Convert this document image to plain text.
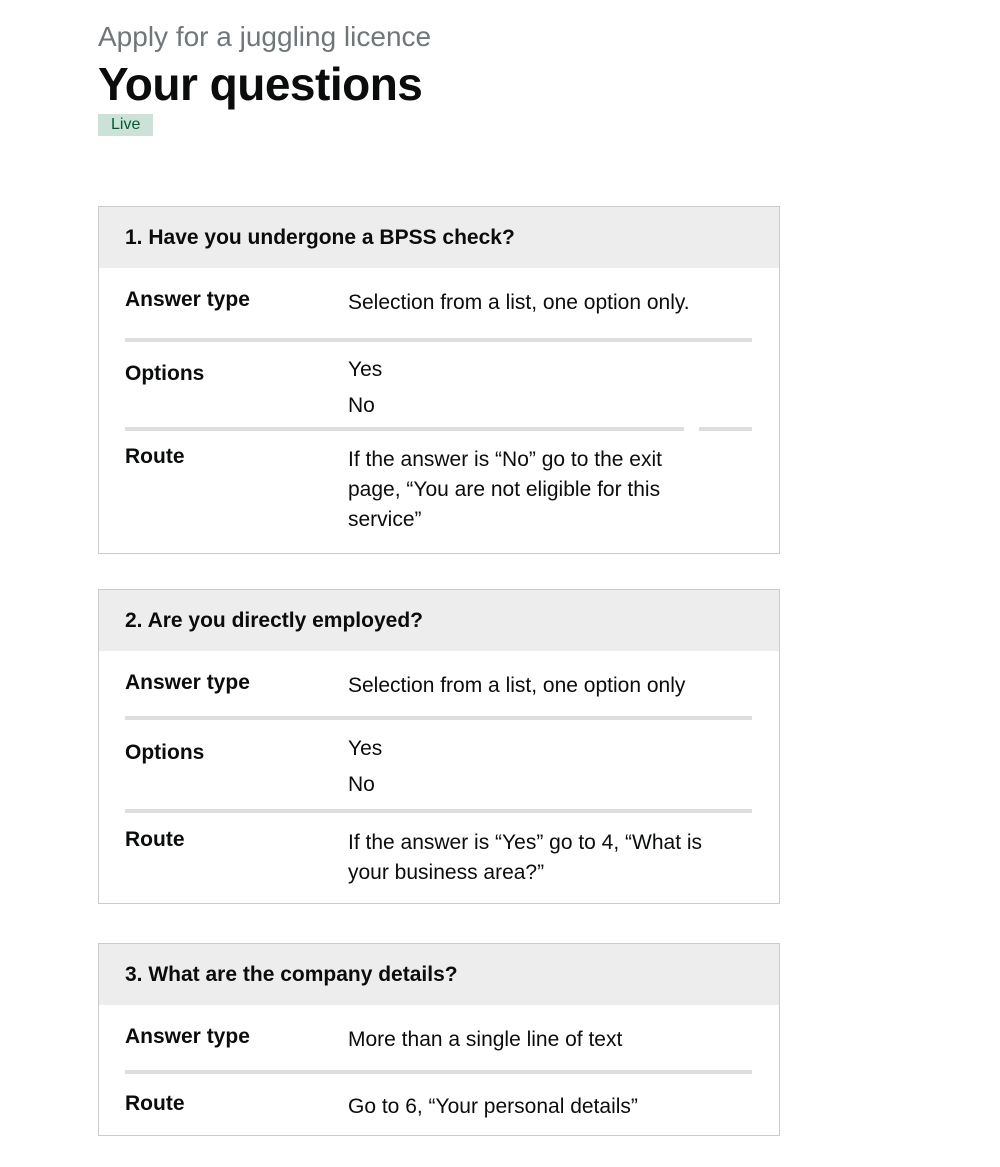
Apply for a juggling licence
Your questions
Live
1. Have you undergone a BPSS check?
Answer type	Selection from a list, one option only.
Options	Yes
No
Route	If the answer is “No” go to the exit page, “You are not eligible for this service”
2. Are you directly employed?
Answer type	Selection from a list, one option only
Options	Yes
No
Route	If the answer is “Yes” go to 4, “What is your business area?”
3. What are the company details?
Answer type	More than a single line of text
Route	Go to 6, “Your personal details”
